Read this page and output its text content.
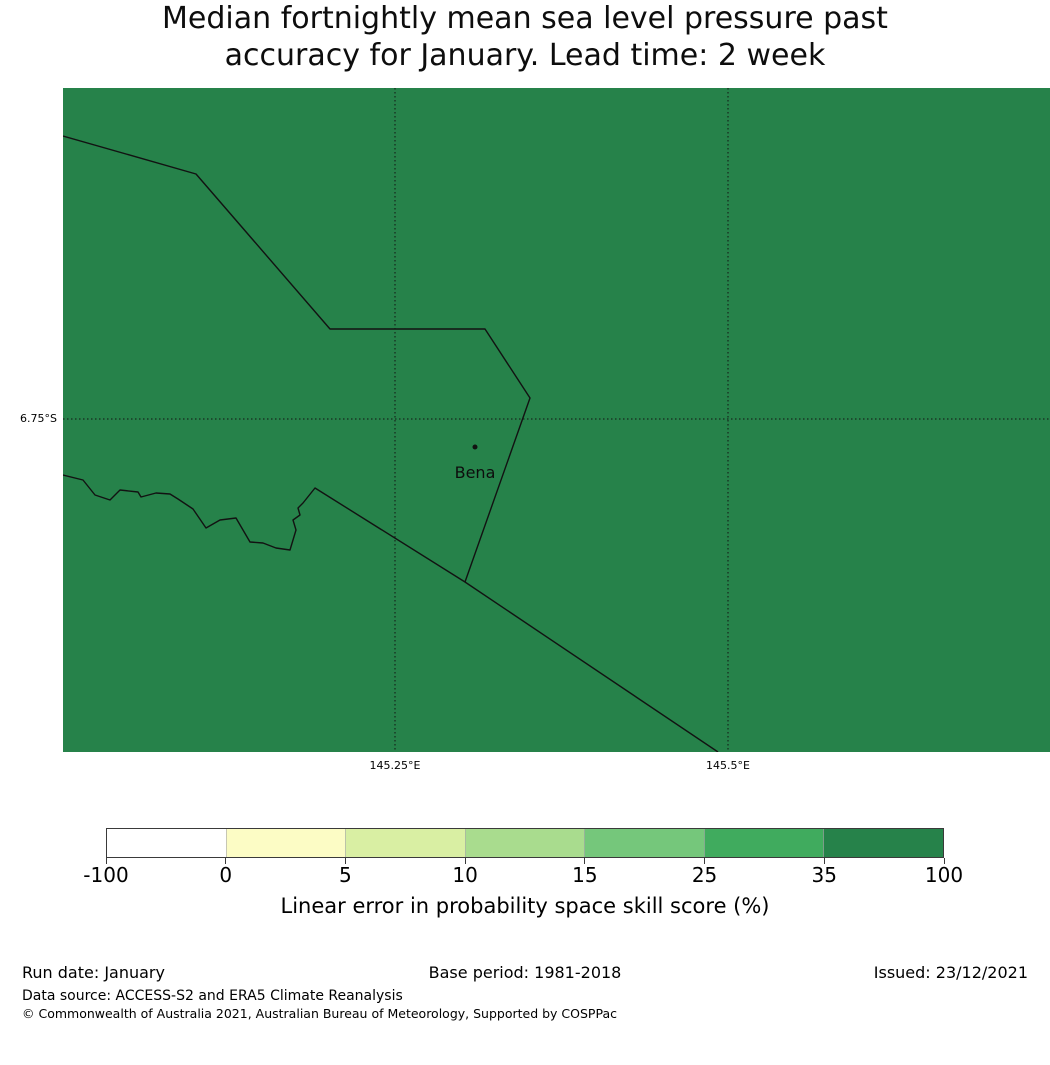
Median fortnightly mean sea level pressure past
accuracy for January. Lead time: 2 week
Bena
6.75°S
145.25°E	145.5°E
-100	0	5	10	15	25	35	100
Linear error in probability space skill score (%)
Run date: January	Base period: 1981-2018	Issued: 23/12/2021
Data source: ACCESS-S2 and ERA5 Climate Reanalysis
© Commonwealth of Australia 2021, Australian Bureau of Meteorology, Supported by COSPPac
